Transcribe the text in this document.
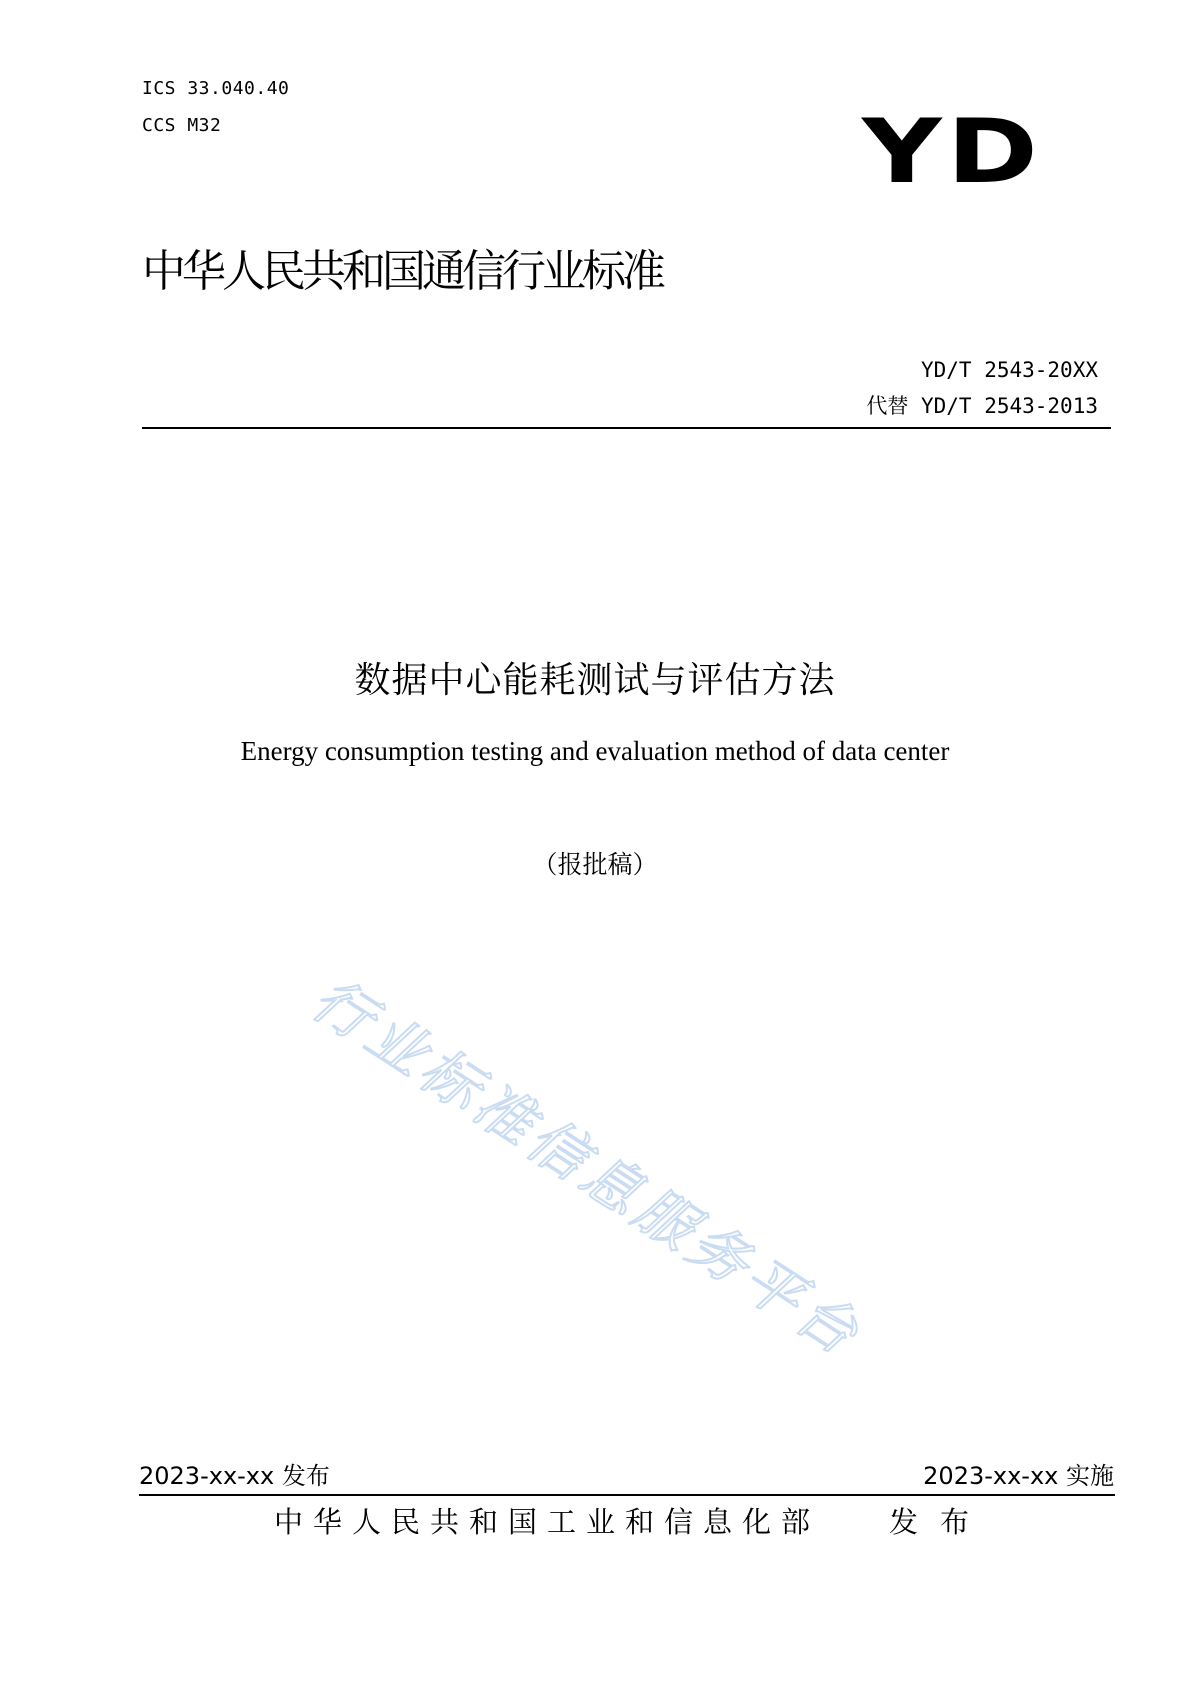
ICS 33.040.40
CCS M32	YD
中华人民共和国通信行业标准
YD/T 2543-20XX
代替 YD/T 2543-2013
数据中心能耗测试与评估方法
Energy consumption testing and evaluation method of data center
（报批稿）
行业标准信息服务平台
2023-xx-xx 发布	2023-xx-xx 实施
中华人民共和国工业和信息化部 发布
